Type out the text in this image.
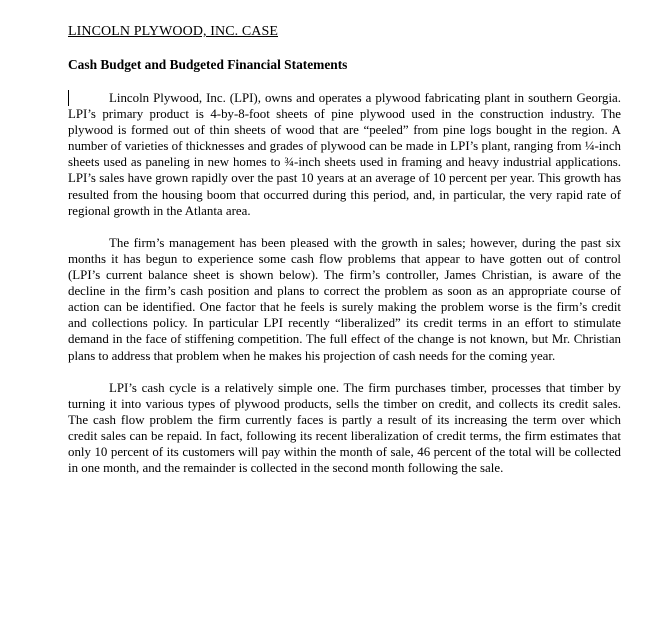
LINCOLN PLYWOOD, INC. CASE
Cash Budget and Budgeted Financial Statements

Lincoln Plywood, Inc. (LPI), owns and operates a plywood fabricating plant in southern Georgia. LPI’s primary product is 4-by-8-foot sheets of pine plywood used in the construction industry. The plywood is formed out of thin sheets of wood that are “peeled” from pine logs bought in the region. A number of varieties of thicknesses and grades of plywood can be made in LPI’s plant, ranging from ¼-inch sheets used as paneling in new homes to ¾-inch sheets used in framing and heavy industrial applications. LPI’s sales have grown rapidly over the past 10 years at an average of 10 percent per year. This growth has resulted from the housing boom that occurred during this period, and, in particular, the very rapid rate of regional growth in the Atlanta area.

The firm’s management has been pleased with the growth in sales; however, during the past six months it has begun to experience some cash flow problems that appear to have gotten out of control (LPI’s current balance sheet is shown below). The firm’s controller, James Christian, is aware of the decline in the firm’s cash position and plans to correct the problem as soon as an appropriate course of action can be identified. One factor that he feels is surely making the problem worse is the firm’s credit and collections policy. In particular LPI recently “liberalized” its credit terms in an effort to stimulate demand in the face of stiffening competition. The full effect of the change is not known, but Mr. Christian plans to address that problem when he makes his projection of cash needs for the coming year.

LPI’s cash cycle is a relatively simple one. The firm purchases timber, processes that timber by turning it into various types of plywood products, sells the timber on credit, and collects its credit sales. The cash flow problem the firm currently faces is partly a result of its increasing the term over which credit sales can be repaid. In fact, following its recent liberalization of credit terms, the firm estimates that only 10 percent of its customers will pay within the month of sale, 46 percent of the total will be collected in one month, and the remainder is collected in the second month following the sale.
